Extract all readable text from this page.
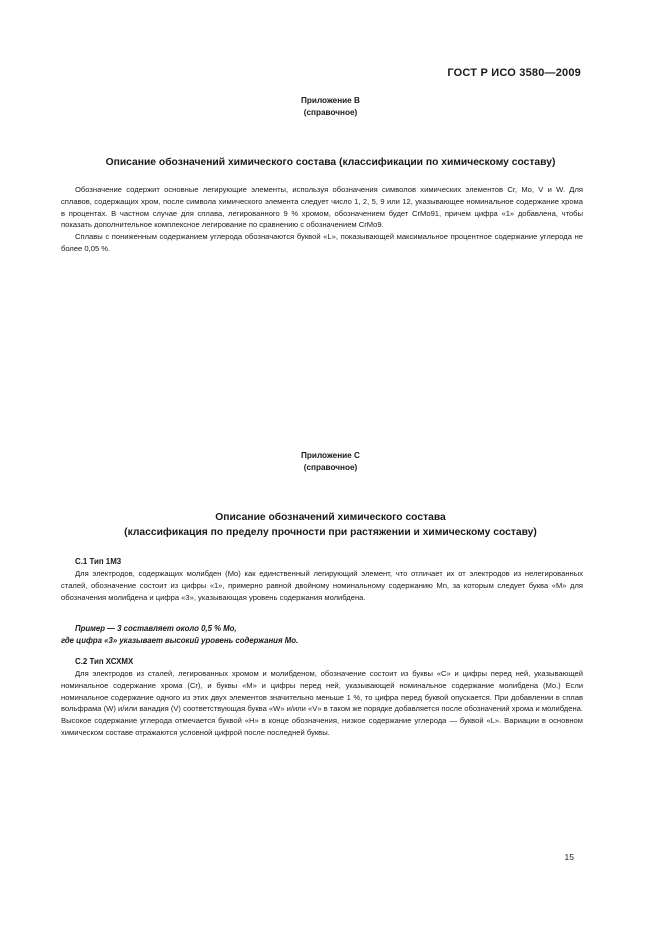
ГОСТ Р ИСО 3580—2009
Приложение В
(справочное)
Описание обозначений химического состава (классификации по химическому составу)

Обозначение содержит основные легирующие элементы, используя обозначения символов химических элементов Cr, Mo, V и W. Для сплавов, содержащих хром, после символа химического элемента следует число 1, 2, 5, 9 или 12, указывающее номинальное содержание хрома в процентах. В частном случае для сплава, легированного 9 % хромом, обозначением будет CrMo91, причем цифра «1» добавлена, чтобы показать дополнительное комплексное легирование по сравнению с обозначением CrMo9.

Сплавы с пониженным содержанием углерода обозначаются буквой «L», показывающей максимальное процентное содержание углерода не более 0,05 %.

Приложение С
(справочное)
Описание обозначений химического состава
(классификация по пределу прочности при растяжении и химическому составу)
С.1 Тип 1М3

Для электродов, содержащих молибден (Mo) как единственный легирующий элемент, что отличает их от электродов из нелегированных сталей, обозначение состоит из цифры «1», примерно равной двойному номинальному содержанию Mn, за которым следует буква «М» для обозначения молибдена и цифра «3», указывающая уровень содержания молибдена.

Пример — 3 составляет около 0,5 % Mo,
где цифра «3» указывает высокий уровень содержания Mo.
С.2 Тип ХСХМХ

Для электродов из сталей, легированных хромом и молибденом, обозначение состоит из буквы «С» и цифры перед ней, указывающей номинальное содержание хрома (Cr), и буквы «М» и цифры перед ней, указывающей номинальное содержание молибдена (Mo.) Если номинальное содержание одного из этих двух элементов значительно меньше 1 %, то цифра перед буквой опускается. При добавлении в сплав вольфрама (W) и/или ванадия (V) соответствующая буква «W» и/или «V» в таком же порядке добавляется после обозначений хрома и молибдена. Высокое содержание углерода отмечается буквой «Н» в конце обозначения, низкое содержание углерода — буквой «L». Вариации в основном химическом составе отражаются условной цифрой после последней буквы.

15
